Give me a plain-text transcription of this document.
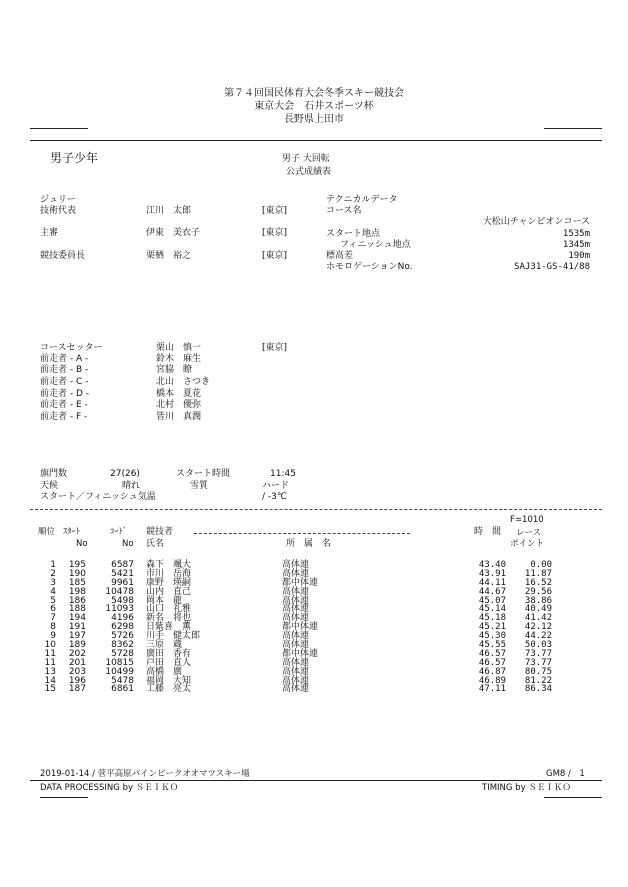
第７４回国民体育大会冬季スキー競技会
東京大会　石井スポーツ杯
長野県上田市
男子少年	男子 大回転
公式成績表
ジュリー
技術代表	江川　太郎	[東京]
主審	伊東　美衣子	[東京]
競技委員長	栗栖　裕之	[東京]
テクニカルデータ
コース名
大松山チャンピオンコース
スタート地点	1535m
フィニッシュ地点	1345m
標高差	190m
ホモロゲーションNo.	SAJ31-GS-41/88
コースセッター	栗山　慎一	[東京]
前走者 - A -	鈴木　麻生
前走者 - B -	宮脇　瞭
前走者 - C -	北山　さつき
前走者 - D -	橋本　夏花
前走者 - E -	北村　優弥
前走者 - F -	皆川　真潤
旗門数	27(26)	スタート時間	11:45
天候	晴れ	雪質	ハード
スタート／フィニッシュ気温	/ -3℃
順位 ｽﾀｰﾄ
No
ｺｰﾄﾞ
No
競技者
氏名	所　属　名
時　間
F=1010
レース
ポイント
1	195	6587 森下　颯大	高体連	43.40	0.00
2	190	5421 市川　岳海	高体連	43.91	11.87
3	185	9961 康野　瑛嗣	都中体連	44.11	16.52
4	198	10478 山内　直己	高体連	44.67	29.56
5	186	5498 岡本　龍	高体連	45.07	38.86
6	188	11093 山口　礼雅	高体連	45.14	40.49
7	194	4196 新名　将也	高体連	45.18	41.42
8	191	6298 日紫喜　薫	都中体連	45.21	42.12
9	197	5726 川手　健太郎	高体連	45.30	44.22
10	189	8362 三原　蔵	高体連	45.55	50.03
11	202	5728 廣田　香有	都中体連	46.57	73.77
11	201	10815 戸田　直人	高体連	46.57	73.77
13	203	10499 高橋　廣	高体連	46.87	80.75
14	196	5478 福岡　大知	高体連	46.89	81.22
15	187	6861 工藤　亮太	高体連	47.11	86.34
2019-01-14 / 菅平高原パインビークオオマツスキー場	GM8 /　1
DATA PROCESSING by ＳＥＩＫＯ	TIMING by ＳＥＩＫＯ
